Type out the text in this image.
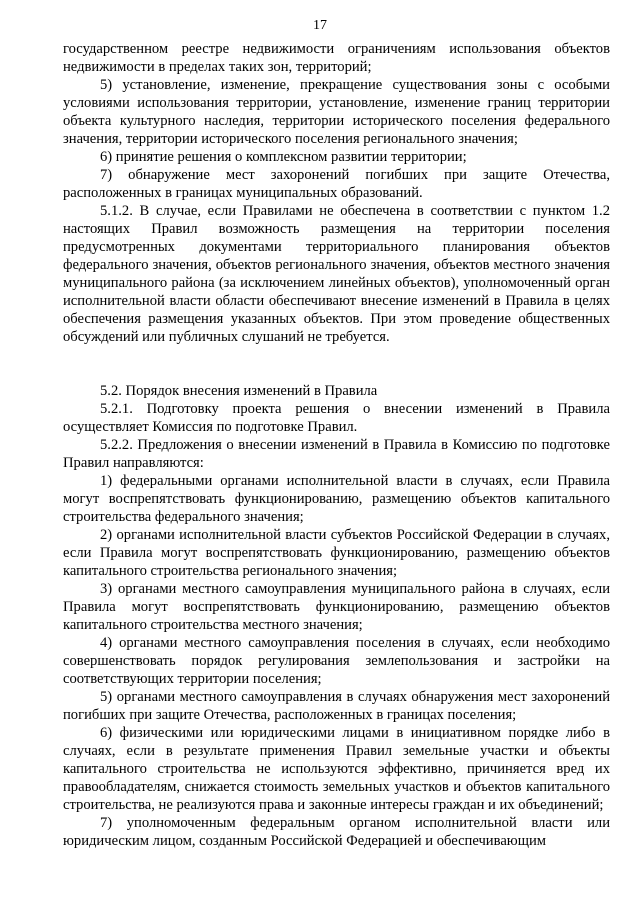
17

государственном реестре недвижимости ограничениям использования объектов недвижимости в пределах таких зон, территорий;

5) установление, изменение, прекращение существования зоны с особыми условиями использования территории, установление, изменение границ территории объекта культурного наследия, территории исторического поселения федерального значения, территории исторического поселения регионального значения;

6) принятие решения о комплексном развитии территории;

7) обнаружение мест захоронений погибших при защите Отечества, расположенных в границах муниципальных образований.

5.1.2. В случае, если Правилами не обеспечена в соответствии с пунктом 1.2 настоящих Правил возможность размещения на территории поселения предусмотренных документами территориального планирования объектов федерального значения, объектов регионального значения, объектов местного значения муниципального района (за исключением линейных объектов), уполномоченный орган исполнительной власти области обеспечивают внесение изменений в Правила в целях обеспечения размещения указанных объектов. При этом проведение общественных обсуждений или публичных слушаний не требуется.

5.2. Порядок внесения изменений в Правила

5.2.1. Подготовку проекта решения о внесении изменений в Правила осуществляет Комиссия по подготовке Правил.

5.2.2. Предложения о внесении изменений в Правила в Комиссию по подготовке Правил направляются:

1) федеральными органами исполнительной власти в случаях, если Правила могут воспрепятствовать функционированию, размещению объектов капитального строительства федерального значения;

2) органами исполнительной власти субъектов Российской Федерации в случаях, если Правила могут воспрепятствовать функционированию, размещению объектов капитального строительства регионального значения;

3) органами местного самоуправления муниципального района в случаях, если Правила могут воспрепятствовать функционированию, размещению объектов капитального строительства местного значения;

4) органами местного самоуправления поселения в случаях, если необходимо совершенствовать порядок регулирования землепользования и застройки на соответствующих территории поселения;

5) органами местного самоуправления в случаях обнаружения мест захоронений погибших при защите Отечества, расположенных в границах поселения;

6) физическими или юридическими лицами в инициативном порядке либо в случаях, если в результате применения Правил земельные участки и объекты капитального строительства не используются эффективно, причиняется вред их правообладателям, снижается стоимость земельных участков и объектов капитального строительства, не реализуются права и законные интересы граждан и их объединений;

7) уполномоченным федеральным органом исполнительной власти или юридическим лицом, созданным Российской Федерацией и обеспечивающим
